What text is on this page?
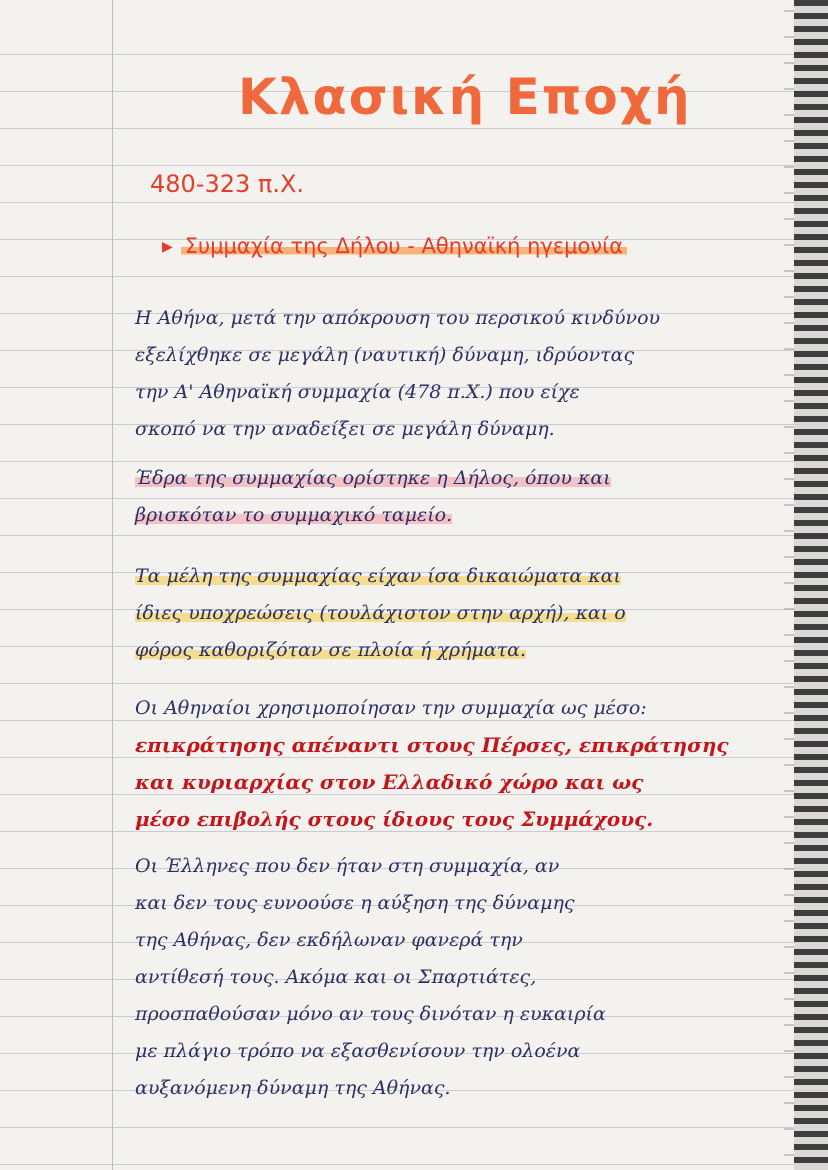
Κλασική Εποχή
480-323 π.Χ.
▶ Συμμαχία της Δήλου - Αθηναϊκή ηγεμονία
Η Αθήνα, μετά την απόκρουση του περσικού κινδύνου
εξελίχθηκε σε μεγάλη (ναυτική) δύναμη, ιδρύοντας
την Α' Αθηναϊκή συμμαχία (478 π.Χ.) που είχε
σκοπό να την αναδείξει σε μεγάλη δύναμη.
Έδρα της συμμαχίας ορίστηκε η Δήλος, όπου και
βρισκόταν το συμμαχικό ταμείο.
Τα μέλη της συμμαχίας είχαν ίσα δικαιώματα και
ίδιες υποχρεώσεις (τουλάχιστον στην αρχή), και ο
φόρος καθοριζόταν σε πλοία ή χρήματα.
Οι Αθηναίοι χρησιμοποίησαν την συμμαχία ως μέσο:
επικράτησης απέναντι στους Πέρσες, επικράτησης
και κυριαρχίας στον Ελλαδικό χώρο και ως
μέσο επιβολής στους ίδιους τους Συμμάχους.
Οι Έλληνες που δεν ήταν στη συμμαχία, αν
και δεν τους ευνοούσε η αύξηση της δύναμης
της Αθήνας, δεν εκδήλωναν φανερά την
αντίθεσή τους. Ακόμα και οι Σπαρτιάτες,
προσπαθούσαν μόνο αν τους δινόταν η ευκαιρία
με πλάγιο τρόπο να εξασθενίσουν την ολοένα
αυξανόμενη δύναμη της Αθήνας.
